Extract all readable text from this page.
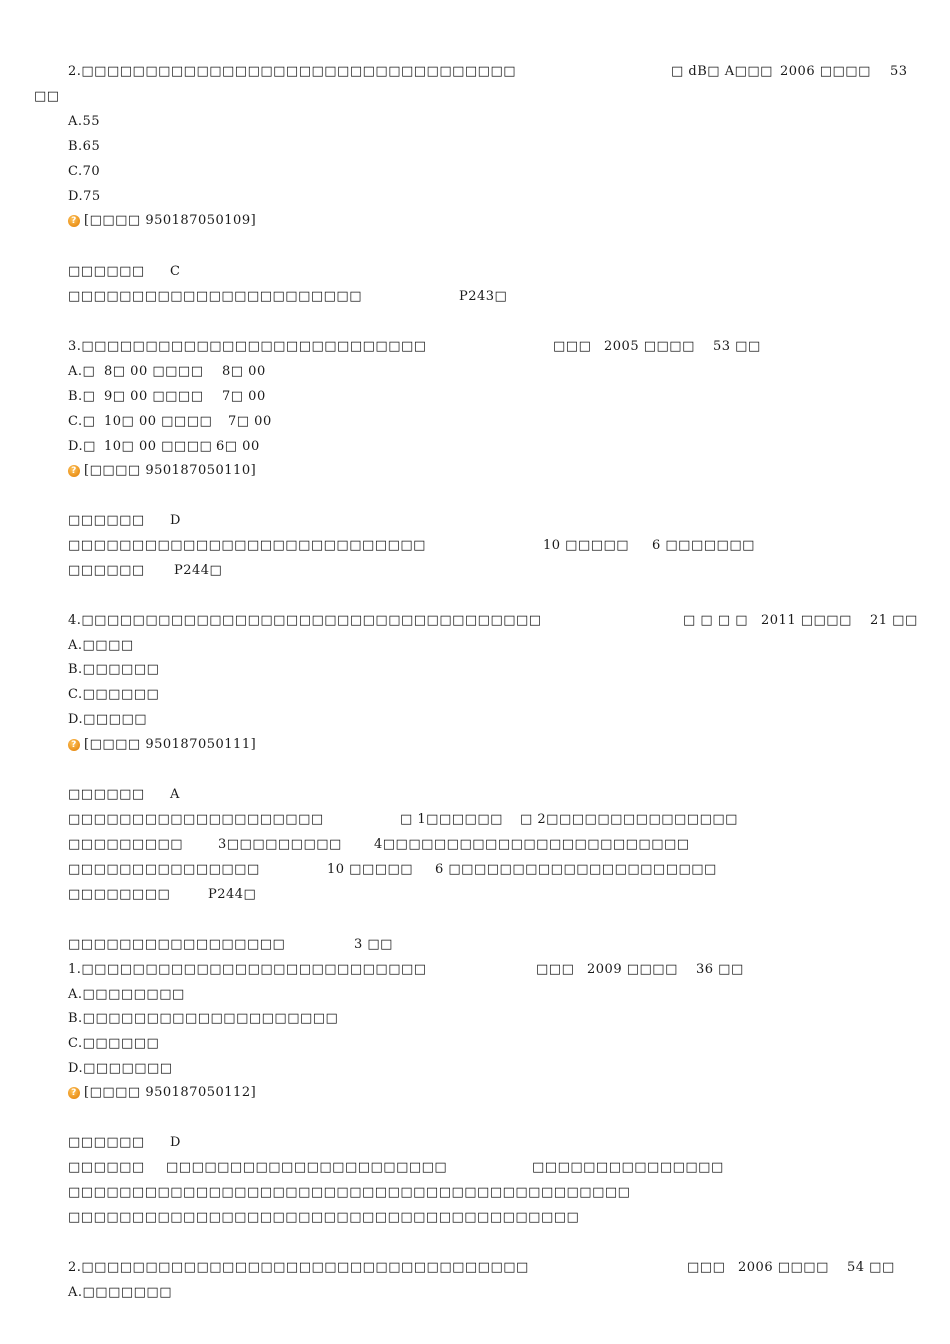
2.□□□□□□□□□□□□□□□□□□□□□□□□□□□□□□□□□□	□ dB□ A□□□ 2006 □□□□ 53
□□
A.55
B.65
C.70
D.75
? [□□□□ 950187050109]
□□□□□□ C
□□□□□□□□□□□□□□□□□□□□□□□	P243□
3.□□□□□□□□□□□□□□□□□□□□□□□□□□□	□□□ 2005 □□□□ 53 □□
A.□ 8□ 00 □□□□ 8□ 00
B.□ 9□ 00 □□□□ 7□ 00
C.□ 10□ 00 □□□□ 7□ 00
D.□ 10□ 00 □□□□ 6□ 00
? [□□□□ 950187050110]
□□□□□□ D
□□□□□□□□□□□□□□□□□□□□□□□□□□□□	10 □□□□□ 6 □□□□□□□
□□□□□□ P244□
4.□□□□□□□□□□□□□□□□□□□□□□□□□□□□□□□□□□□□	□ □ □ □ 2011 □□□□ 21 □□
A.□□□□
B.□□□□□□
C.□□□□□□
D.□□□□□
? [□□□□ 950187050111]
□□□□□□ A
□□□□□□□□□□□□□□□□□□□□	□ 1□□□□□□ □ 2□□□□□□□□□□□□□□□
□□□□□□□□□	3□□□□□□□□□ 4□□□□□□□□□□□□□□□□□□□□□□□□
□□□□□□□□□□□□□□□	10 □□□□□ 6 □□□□□□□□□□□□□□□□□□□□□
□□□□□□□□	P244□
□□□□□□□□□□□□□□□□□	3 □□
1.□□□□□□□□□□□□□□□□□□□□□□□□□□□	□□□ 2009 □□□□ 36 □□
A.□□□□□□□□
B.□□□□□□□□□□□□□□□□□□□□
C.□□□□□□
D.□□□□□□□
? [□□□□ 950187050112]
□□□□□□ D
□□□□□□ □□□□□□□□□□□□□□□□□□□□□□	□□□□□□□□□□□□□□□
□□□□□□□□□□□□□□□□□□□□□□□□□□□□□□□□□□□□□□□□□□□□
□□□□□□□□□□□□□□□□□□□□□□□□□□□□□□□□□□□□□□□□
2.□□□□□□□□□□□□□□□□□□□□□□□□□□□□□□□□□□□	□□□ 2006 □□□□ 54 □□
A.□□□□□□□
